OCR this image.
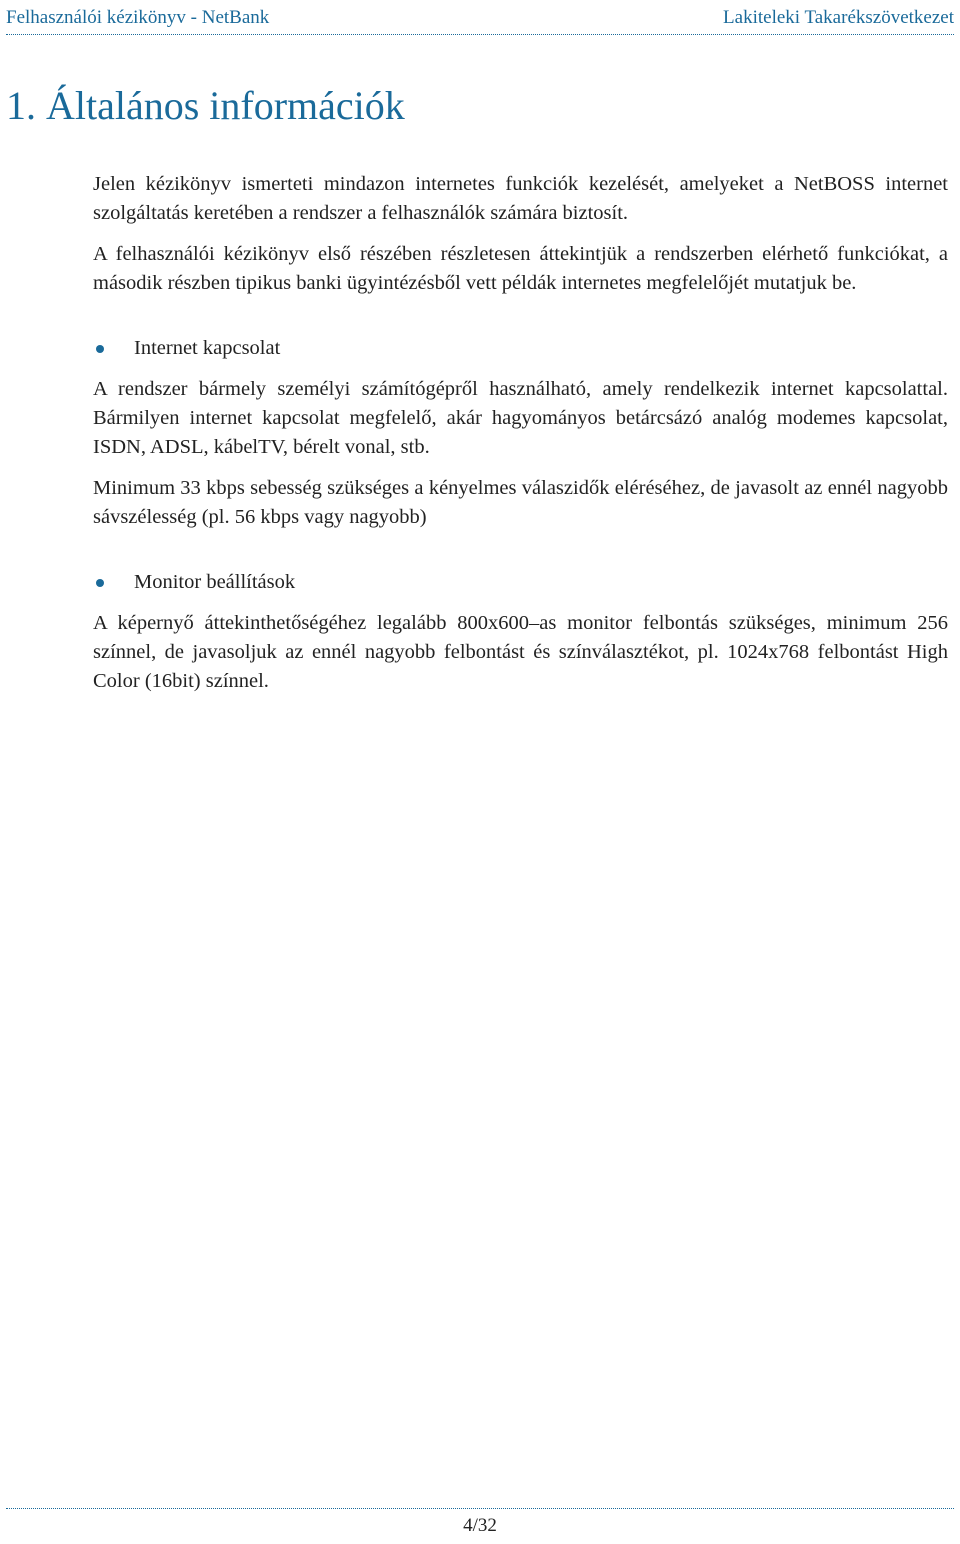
Felhasználói kézikönyv - NetBank	Lakiteleki Takarékszövetkezet
1. Általános információk

Jelen kézikönyv ismerteti mindazon internetes funkciók kezelését, amelyeket a NetBOSS internet szolgáltatás keretében a rendszer a felhasználók számára biztosít.

A felhasználói kézikönyv első részében részletesen áttekintjük a rendszerben elérhető funkciókat, a második részben tipikus banki ügyintézésből vett példák internetes megfelelőjét mutatjuk be.

Internet kapcsolat

A rendszer bármely személyi számítógépről használható, amely rendelkezik internet kapcsolattal. Bármilyen internet kapcsolat megfelelő, akár hagyományos betárcsázó analóg modemes kapcsolat, ISDN, ADSL, kábelTV, bérelt vonal, stb.

Minimum 33 kbps sebesség szükséges a kényelmes válaszidők eléréséhez, de javasolt az ennél nagyobb sávszélesség (pl. 56 kbps vagy nagyobb)

Monitor beállítások

A képernyő áttekinthetőségéhez legalább 800x600–as monitor felbontás szükséges, minimum 256 színnel, de javasoljuk az ennél nagyobb felbontást és színválasztékot, pl. 1024x768 felbontást High Color (16bit) színnel.

4/32
